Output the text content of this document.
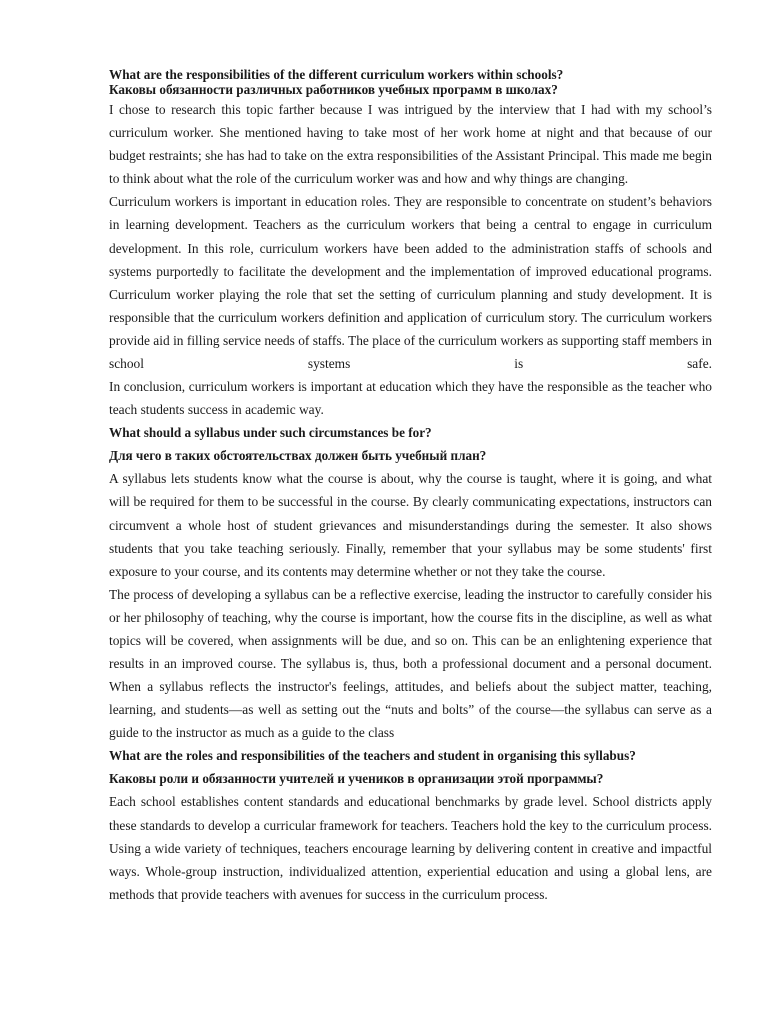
What are the responsibilities of the different curriculum workers within schools?

Каковы обязанности различных работников учебных программ в школах?

I chose to research this topic farther because I was intrigued by the interview that I had with my school’s curriculum worker. She mentioned having to take most of her work home at night and that because of our budget restraints; she has had to take on the extra responsibilities of the Assistant Principal. This made me begin to think about what the role of the curriculum worker was and how and why things are changing.

Curriculum workers is important in education roles. They are responsible to concentrate on student’s behaviors in learning development. Teachers as the curriculum workers that being a central to engage in curriculum development. In this role, curriculum workers have been added to the administration staffs of schools and systems purportedly to facilitate the development and the implementation of improved educational programs. Curriculum worker playing the role that set the setting of curriculum planning and study development. It is responsible that the curriculum workers definition and application of curriculum story. The curriculum workers provide aid in filling service needs of staffs. The place of the curriculum workers as supporting staff members in school systems is safe.

In conclusion, curriculum workers is important at education which they have the responsible as the teacher who teach students success in academic way.

What should a syllabus under such circumstances be for?

Для чего в таких обстоятельствах должен быть учебный план?

A syllabus lets students know what the course is about, why the course is taught, where it is going, and what will be required for them to be successful in the course. By clearly communicating expectations, instructors can circumvent a whole host of student grievances and misunderstandings during the semester. It also shows students that you take teaching seriously. Finally, remember that your syllabus may be some students' first exposure to your course, and its contents may determine whether or not they take the course.

The process of developing a syllabus can be a reflective exercise, leading the instructor to carefully consider his or her philosophy of teaching, why the course is important, how the course fits in the discipline, as well as what topics will be covered, when assignments will be due, and so on. This can be an enlightening experience that results in an improved course. The syllabus is, thus, both a professional document and a personal document. When a syllabus reflects the instructor's feelings, attitudes, and beliefs about the subject matter, teaching, learning, and students—as well as setting out the “nuts and bolts” of the course—the syllabus can serve as a guide to the instructor as much as a guide to the class

What are the roles and responsibilities of the teachers and student in organising this syllabus?

Каковы роли и обязанности учителей и учеников в организации этой программы?

Each school establishes content standards and educational benchmarks by grade level. School districts apply these standards to develop a curricular framework for teachers. Teachers hold the key to the curriculum process. Using a wide variety of techniques, teachers encourage learning by delivering content in creative and impactful ways. Whole-group instruction, individualized attention, experiential education and using a global lens, are methods that provide teachers with avenues for success in the curriculum process.
